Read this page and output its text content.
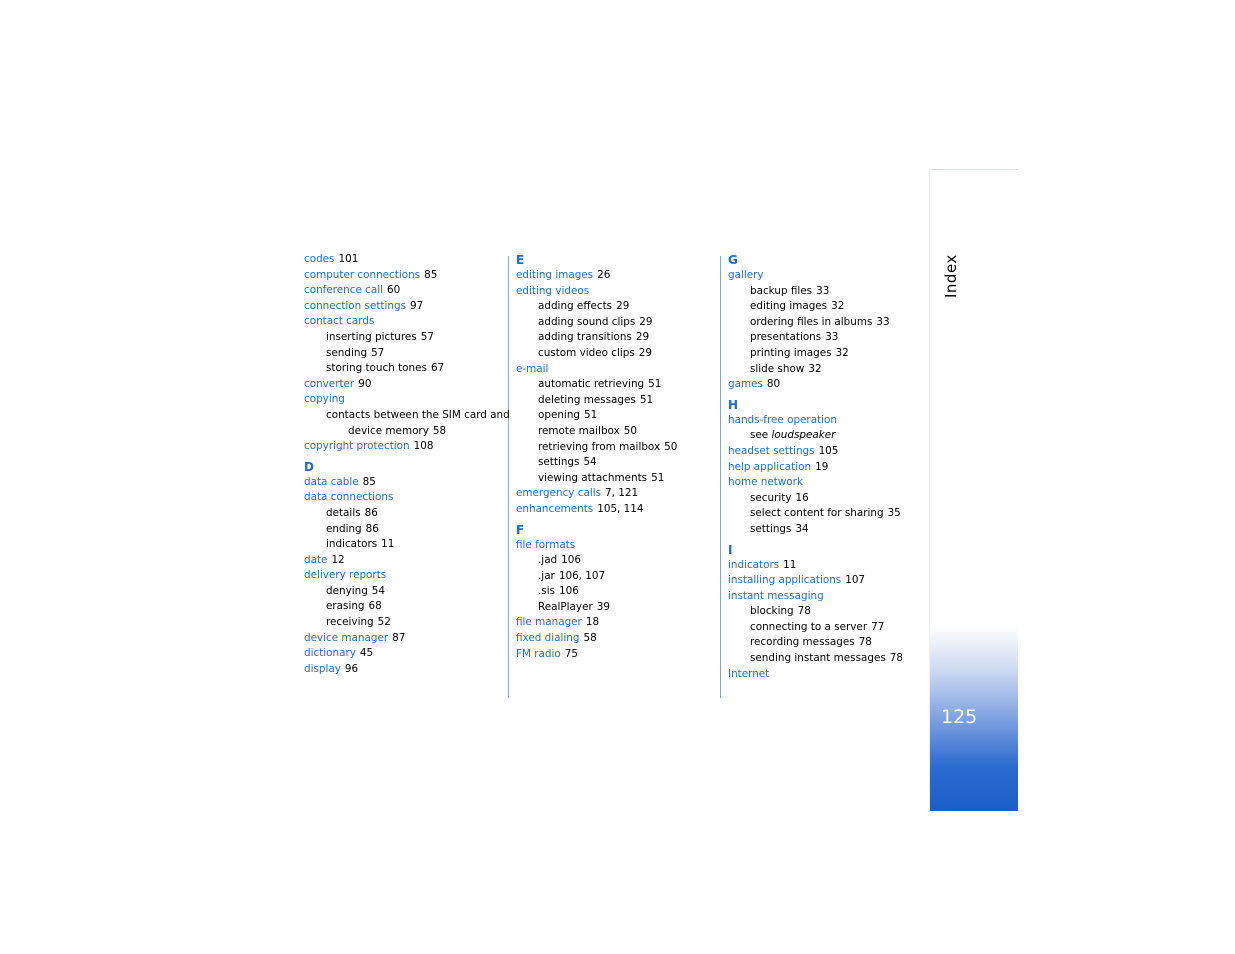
codes 101
computer connections 85
conference call 60
connection settings 97
contact cards
inserting pictures 57
sending 57
storing touch tones 67
converter 90
copying
contacts between the SIM card and device memory 58
copyright protection 108
D
data cable 85
data connections
details 86
ending 86
indicators 11
date 12
delivery reports
denying 54
erasing 68
receiving 52
device manager 87
dictionary 45
display 96
E
editing images 26
editing videos
adding effects 29
adding sound clips 29
adding transitions 29
custom video clips 29
e-mail
automatic retrieving 51
deleting messages 51
opening 51
remote mailbox 50
retrieving from mailbox 50
settings 54
viewing attachments 51
emergency calls 7, 121
enhancements 105, 114
F
file formats
.jad 106
.jar 106, 107
.sis 106
RealPlayer 39
file manager 18
fixed dialing 58
FM radio 75
G
gallery
backup files 33
editing images 32
ordering files in albums 33
presentations 33
printing images 32
slide show 32
games 80
H
hands-free operation
see loudspeaker
headset settings 105
help application 19
home network
security 16
select content for sharing 35
settings 34
I
indicators 11
installing applications 107
instant messaging
blocking 78
connecting to a server 77
recording messages 78
sending instant messages 78
Internet
Index
125
